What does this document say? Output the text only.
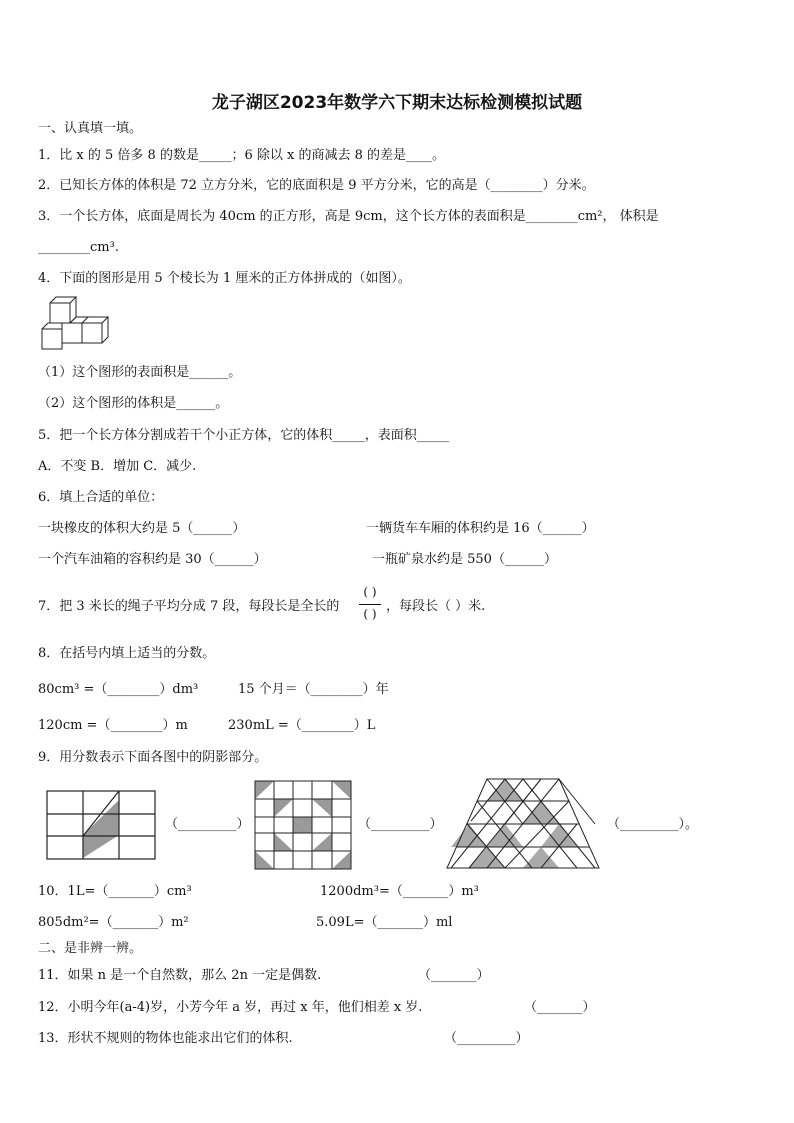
龙子湖区2023年数学六下期末达标检测模拟试题
一、认真填一填。
1．比 x 的 5 倍多 8 的数是_____；6 除以 x 的商减去 8 的差是____。
2．已知长方体的体积是 72 立方分米，它的底面积是 9 平方分米，它的高是（________）分米。
3．一个长方体，底面是周长为 40cm 的正方形，高是 9cm，这个长方体的表面积是________cm²， 体积是
________cm³.
4．下面的图形是用 5 个棱长为 1 厘米的正方体拼成的（如图）。
（1）这个图形的表面积是______。
（2）这个图形的体积是______。
5．把一个长方体分割成若干个小正方体，它的体积_____，表面积_____
A．不变 B．增加 C．减少.
6．填上合适的单位：
一块橡皮的体积大约是 5（______）	一辆货车车厢的体积约是 16（______）
一个汽车油箱的容积约是 30（______）	一瓶矿泉水约是 550（______）
7．把 3 米长的绳子平均分成 7 段，每段长是全长的
( )
( ) ，每段长（ ）米.
8．在括号内填上适当的分数。
80cm³ =（________）dm³	15 个月＝（________）年
120cm =（________）m	230mL =（________）L
9．用分数表示下面各图中的阴影部分。
（_________）	（_________）	（_________）。
10．1L=（_______）cm³	1200dm³=（_______）m³
805dm²=（_______）m²	5.09L=（_______）ml
二、是非辨一辨。
11．如果 n 是一个自然数，那么 2n 一定是偶数.	（_______）
12．小明今年(a-4)岁，小芳今年 a 岁，再过 x 年，他们相差 x 岁.	（_______）
13．形状不规则的物体也能求出它们的体积.	（_________）
